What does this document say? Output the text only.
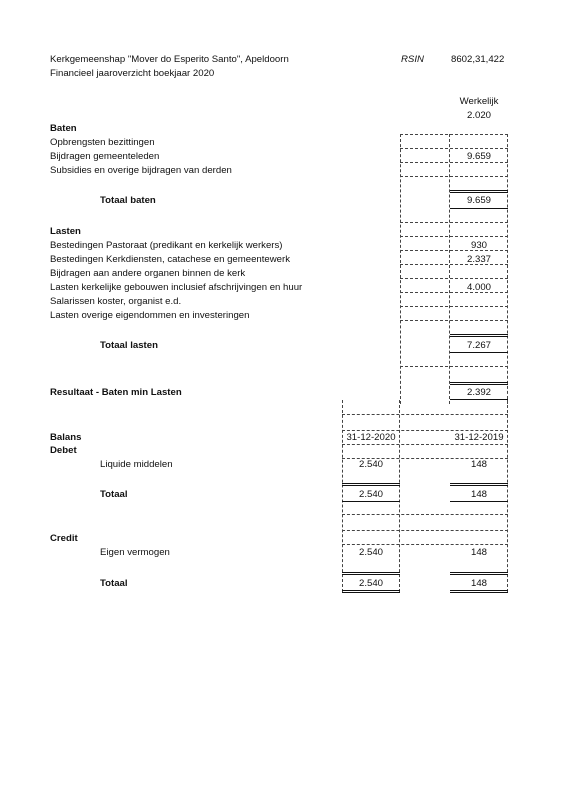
Kerkgemeenshap "Mover do Esperito Santo", Apeldoorn	RSIN	8602,31,422
Financieel jaaroverzicht boekjaar 2020
Werkelijk
2.020
Baten
Opbrengsten bezittingen
Bijdragen gemeenteleden	9.659
Subsidies en overige bijdragen van derden
Totaal baten	9.659
Lasten
Bestedingen Pastoraat (predikant en kerkelijk werkers)	930
Bestedingen Kerkdiensten, catachese en gemeentewerk	2.337
Bijdragen aan andere organen binnen de kerk
Lasten kerkelijke gebouwen inclusief afschrijvingen en huur	4.000
Salarissen koster, organist e.d.
Lasten overige eigendommen en investeringen
Totaal lasten	7.267
Resultaat - Baten min Lasten	2.392
Balans	31-12-2020	31-12-2019
Debet
Liquide middelen	2.540	148
Totaal	2.540	148
Credit
Eigen vermogen	2.540	148
Totaal	2.540	148
